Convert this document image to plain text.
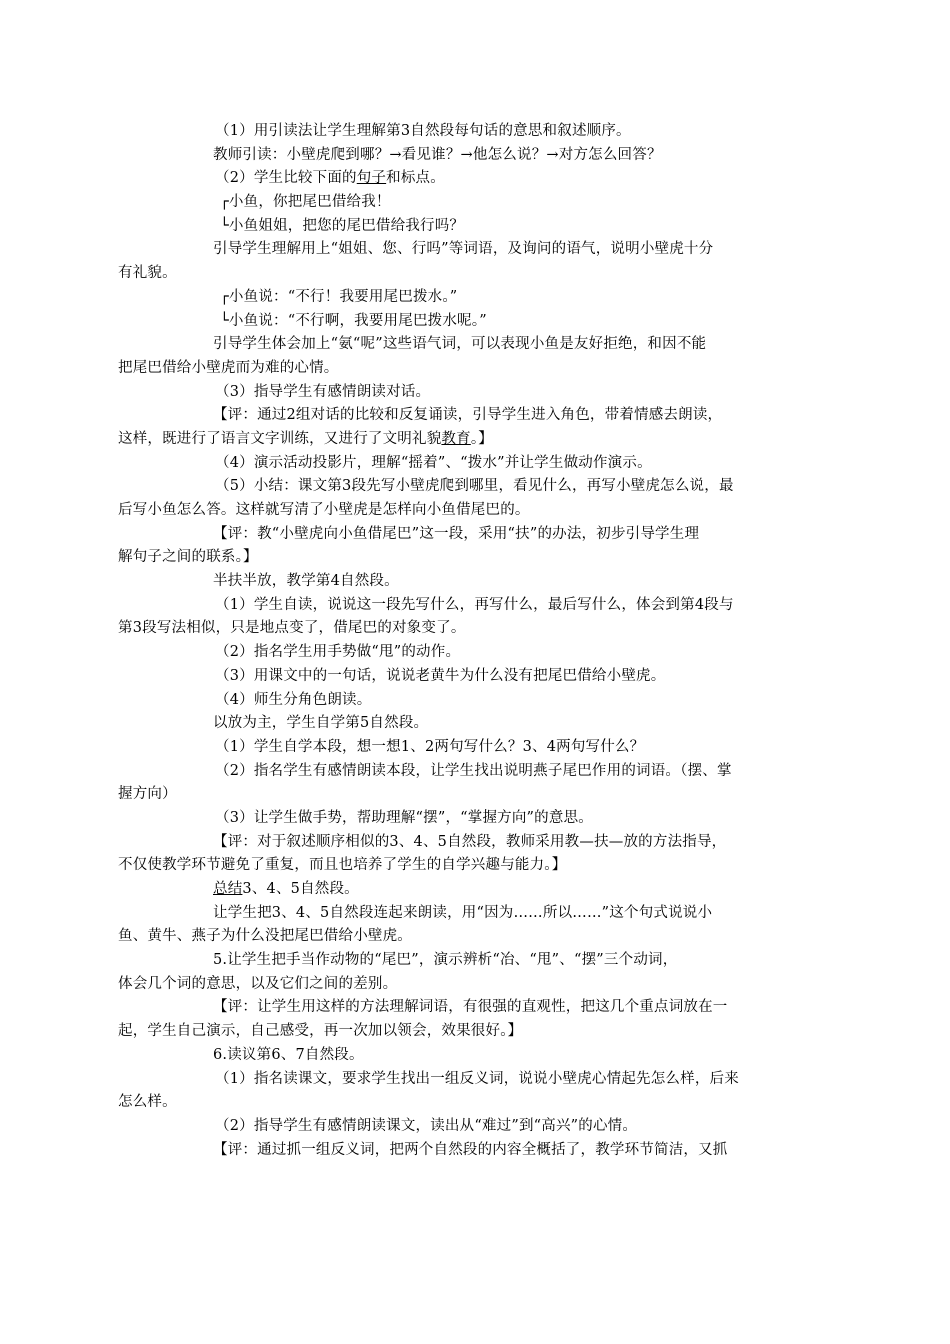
（1）用引读法让学生理解第3自然段每句话的意思和叙述顺序。
教师引读：小壁虎爬到哪？→看见谁？→他怎么说？→对方怎么回答？
（2）学生比较下面的句子和标点。
┌小鱼，你把尾巴借给我！
└小鱼姐姐，把您的尾巴借给我行吗？
引导学生理解用上“姐姐、您、行吗”等词语，及询问的语气，说明小壁虎十分
有礼貌。
┌小鱼说：“不行！我要用尾巴拨水。”
└小鱼说：“不行啊，我要用尾巴拨水呢。”
引导学生体会加上“氨“呢”这些语气词，可以表现小鱼是友好拒绝，和因不能
把尾巴借给小壁虎而为难的心情。
（3）指导学生有感情朗读对话。
【评：通过2组对话的比较和反复诵读，引导学生进入角色，带着情感去朗读，
这样，既进行了语言文字训练，又进行了文明礼貌教育。】
（4）演示活动投影片，理解“摇着”、“拨水”并让学生做动作演示。
（5）小结：课文第3段先写小壁虎爬到哪里，看见什么，再写小壁虎怎么说，最
后写小鱼怎么答。这样就写清了小壁虎是怎样向小鱼借尾巴的。
【评：教“小壁虎向小鱼借尾巴”这一段，采用“扶”的办法，初步引导学生理
解句子之间的联系。】
半扶半放，教学第4自然段。
（1）学生自读，说说这一段先写什么，再写什么，最后写什么，体会到第4段与
第3段写法相似，只是地点变了，借尾巴的对象变了。
（2）指名学生用手势做“甩”的动作。
（3）用课文中的一句话，说说老黄牛为什么没有把尾巴借给小壁虎。
（4）师生分角色朗读。
以放为主，学生自学第5自然段。
（1）学生自学本段，想一想1、2两句写什么？3、4两句写什么？
（2）指名学生有感情朗读本段，让学生找出说明燕子尾巴作用的词语。（摆、掌
握方向）
（3）让学生做手势，帮助理解“摆”，“掌握方向”的意思。
【评：对于叙述顺序相似的3、4、5自然段，教师采用教—扶—放的方法指导，
不仅使教学环节避免了重复，而且也培养了学生的自学兴趣与能力。】
总结3、4、5自然段。
让学生把3、4、5自然段连起来朗读，用“因为……所以……”这个句式说说小
鱼、黄牛、燕子为什么没把尾巴借给小壁虎。
5.让学生把手当作动物的“尾巴”，演示辨析“冶、“甩”、“摆”三个动词，
体会几个词的意思，以及它们之间的差别。
【评：让学生用这样的方法理解词语，有很强的直观性，把这几个重点词放在一
起，学生自己演示，自己感受，再一次加以领会，效果很好。】
6.读议第6、7自然段。
（1）指名读课文，要求学生找出一组反义词，说说小壁虎心情起先怎么样，后来
怎么样。
（2）指导学生有感情朗读课文，读出从“难过”到“高兴”的心情。
【评：通过抓一组反义词，把两个自然段的内容全概括了，教学环节简洁，又抓
